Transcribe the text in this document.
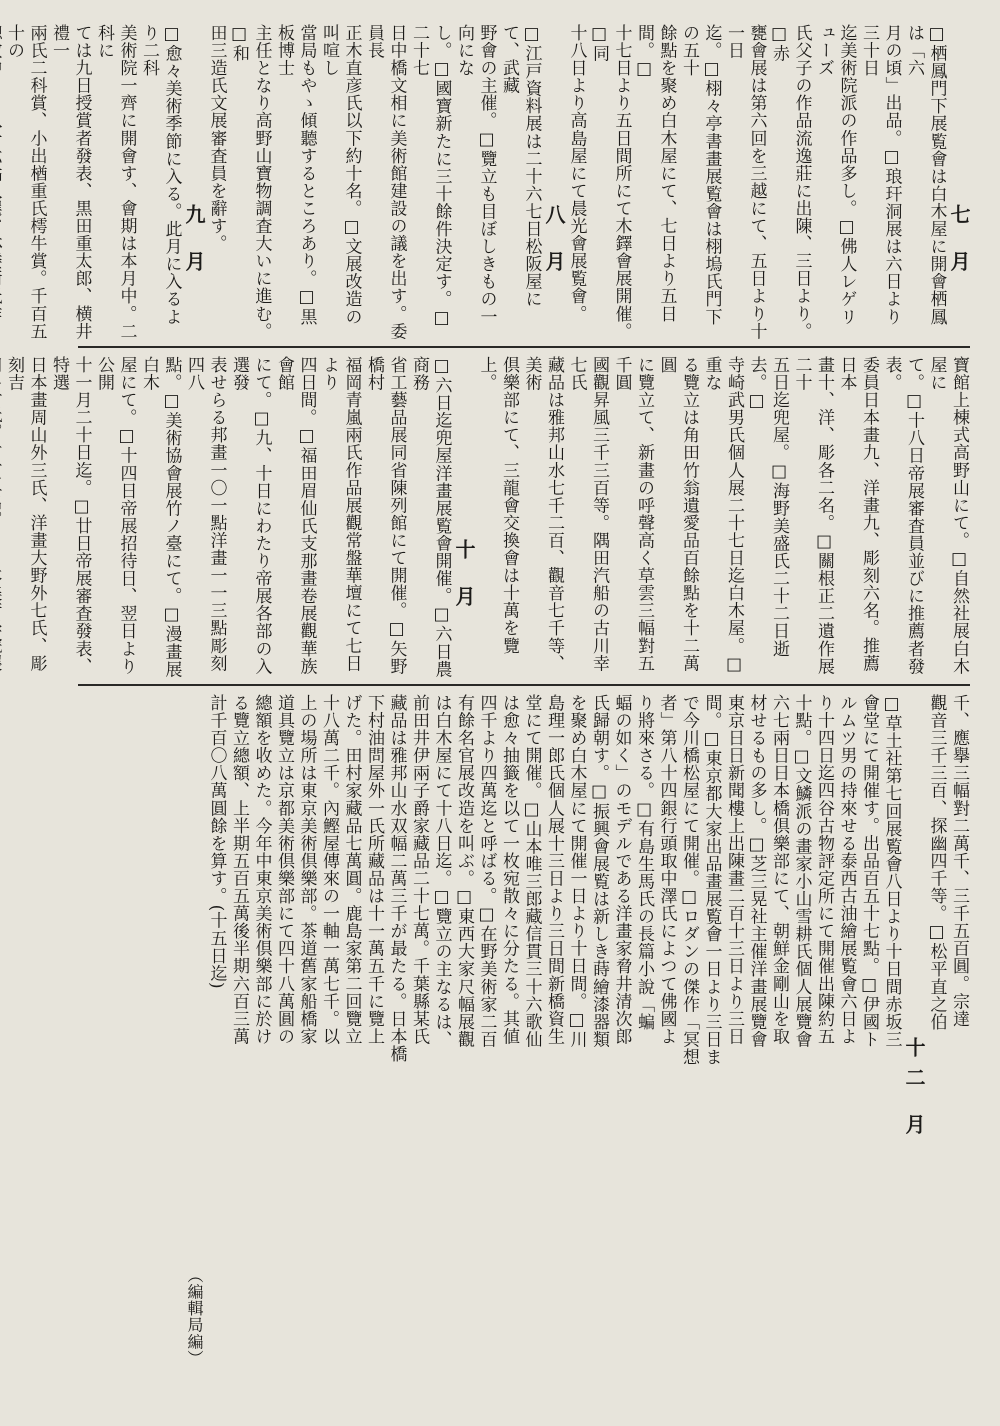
七 月
□栖鳳門下展覧會は白木屋に開會栖鳳は「六
月の頃」出品。□琅玕洞展は六日より三十日
迄美術院派の作品多し。□佛人レゲリューズ
氏父子の作品流逸莊に出陳、三日より。□赤
甕會展は第六回を三越にて、五日より十一日
迄。□栩々亭書畫展覧會は栩塢氏門下の五十
餘點を聚め白木屋にて、七日より五日間。□
十七日より五日間所にて木鐸會展開催。□同
十八日より高島屋にて晨光會展覧會。
八 月
□江戸資料展は二十六七日松阪屋にて、武藏
野會の主催。□覽立も目ぼしきもの一向にな
し。□國寶新たに三十餘件決定す。□二十七
日中橋文相に美術館建設の議を出す。委員長
正木直彦氏以下約十名。□文展改造の叫喧し
當局もやゝ傾聽するところあり。□黒板博士
主任となり高野山寶物調査大いに進む。□和
田三造氏文展審査員を辭す。
九 月
□愈々美術季節に入る。此月に入るより二科
美術院一齊に開會す、會期は本月中。二科に
ては九日授賞者發表、黒田重太郎、横井禮一
兩氏二科賞、小出楢重氏樗牛賞。千百五十の
寶館上棟式高野山にて。□自然社展白木屋に
て。□十八日帝展審査員並びに推薦者發表。
委員日本畫九、洋畫九、彫刻六名。推薦日本
畫十、洋、彫各二名。□關根正二遺作展二十
五日迄兜屋。□海野美盛氏二十二日逝去。□
寺崎武男氏個人展二十七日迄白木屋。□重な
る覽立は角田竹翁遺愛品百餘點を十二萬圓
に覽立て、新畫の呼聲高く草雲三幅對五千圓
國觀昇風三千三百等。隅田汽船の古川幸七氏
藏品は雅邦山水七千二百、觀音七千等、美術
倶樂部にて、三龍會交換會は十萬を覽上。
十 月
□六日迄兜屋洋畫展覧會開催。□六日農商務
省工藝品展同省陳列館にて開催。□矢野橋村
福岡青嵐兩氏作品展觀常盤華壇にて七日より
四日間。□福田眉仙氏支那畫卷展觀華族會館
にて。□九、十日にわたり帝展各部の入選發
表せらる邦畫一〇一點洋畫一一三點彫刻四八
點。□美術協會展竹ノ臺にて。□漫畫展白木
屋にて。□十四日帝展招待日、翌日より公開
十一月二十日迄。□廿日帝展審査發表、特選
日本畫周山外三氏、洋畫大野外七氏、彫刻吉
千、應擧三幅對二萬千、三千五百圓。宗達
觀音三千三百、探幽四千等。□松平直之伯
十二 月
□草土社第七回展覧會八日より十日間赤坂三
會堂にて開催す。出品百五十七點。□伊國ト
ルムツ男の持來せる泰西古油繪展覧會六日よ
り十四日迄四谷古物評定所にて開催出陳約五
十點。□文鱗派の畫家小山雪耕氏個人展覽會
六七兩日日本橋倶樂部にて、朝鮮金剛山を取
材せるもの多し。□芝三晃社主催洋畫展覽會
東京日日新聞樓上出陳畫二百十三日より三日
間。□東京都大家出品畫展覧會一日より三日ま
で今川橋松屋にて開催。□ロダンの傑作「冥想
者」第八十四銀行頭取中澤氏によつて佛國よ
り將來さる。□有島生馬氏の長篇小說「蝙
蝠の如く」のモデルである洋畫家脅井清次郎
氏歸朝す。□振興會展覧は新しき蒔繪漆器類
を聚め白木屋にて開催一日より十日間。□川
島理一郎氏個人展十三日より三日間新橋資生
堂にて開催。□山本唯三郎藏信貫三十六歌仙
は愈々抽籤を以て一枚宛散々に分たる。其値
四千より四萬迄と呼ばる。□在野美術家二百
有餘名官展改造を叫ぶ。□東西大家尺幅展觀
は白木屋にて十八日迄。□覽立の主なるは、
前田井伊兩子爵家藏品二十七萬。千葉縣某氏
藏品は雅邦山水双幅二萬三千が最たる。日本橋
下村油問屋外一氏所藏品は十一萬五千に覽上
げた。田村家藏品七萬圓。鹿島家第二回覽立
十八萬二千。內鰹屋傳來の一軸一萬七千。以
上の場所は東京美術倶樂部。茶道舊家船橋家
道具覽立は京都美術倶樂部にて四十八萬圓の
總額を收めた。今年中東京美術倶樂部に於け
る覽立總額、上半期五百五萬後半期六百三萬
計千百〇八萬圓餘を算す。(十五日迄)
（編輯局編）
